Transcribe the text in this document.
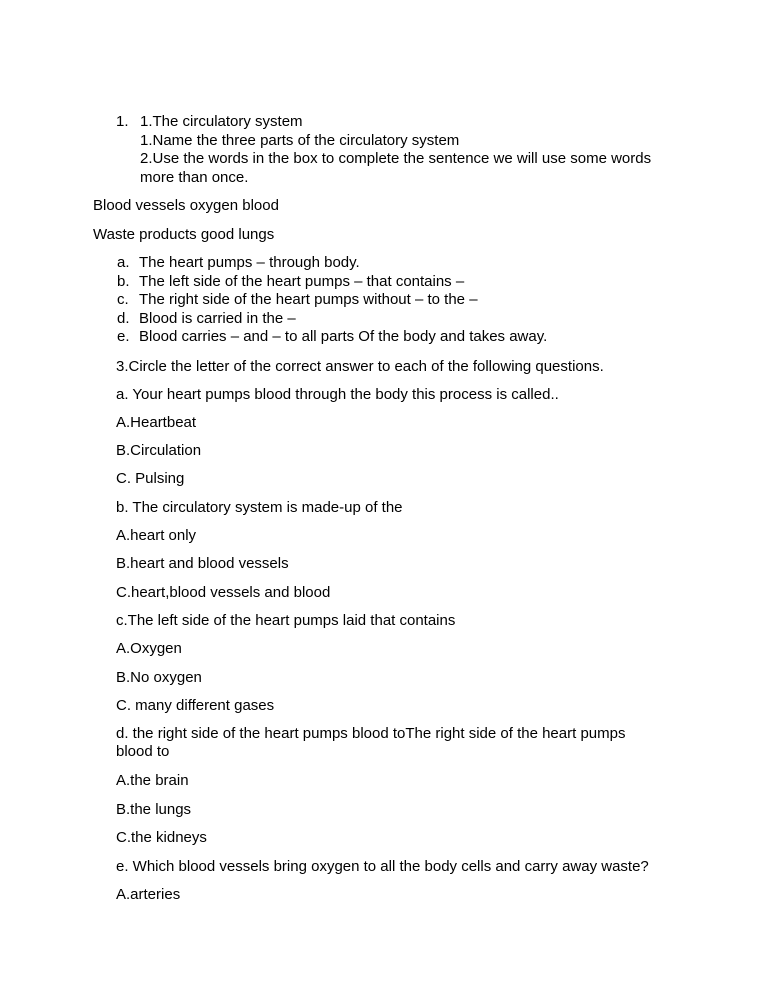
1. 1.The circulatory system
1.Name the three parts of the circulatory system
2.Use the words in the box to complete the sentence we will use some words
more than once.
Blood vessels oxygen blood
Waste products good lungs
a. The heart pumps – through body.
b. The left side of the heart pumps – that contains –
c. The right side of the heart pumps without – to the –
d. Blood is carried in the –
e. Blood carries – and – to all parts Of the body and takes away.
3.Circle the letter of the correct answer to each of the following questions.
a. Your heart pumps blood through the body this process is called..
A.Heartbeat
B.Circulation
C. Pulsing
b. The circulatory system is made-up of the
A.heart only
B.heart and blood vessels
C.heart,blood vessels and blood
c.The left side of the heart pumps laid that contains
A.Oxygen
B.No oxygen
C. many different gases
d. the right side of the heart pumps blood toThe right side of the heart pumps blood to
A.the brain
B.the lungs
C.the kidneys
e. Which blood vessels bring oxygen to all the body cells and carry away waste?
A.arteries
